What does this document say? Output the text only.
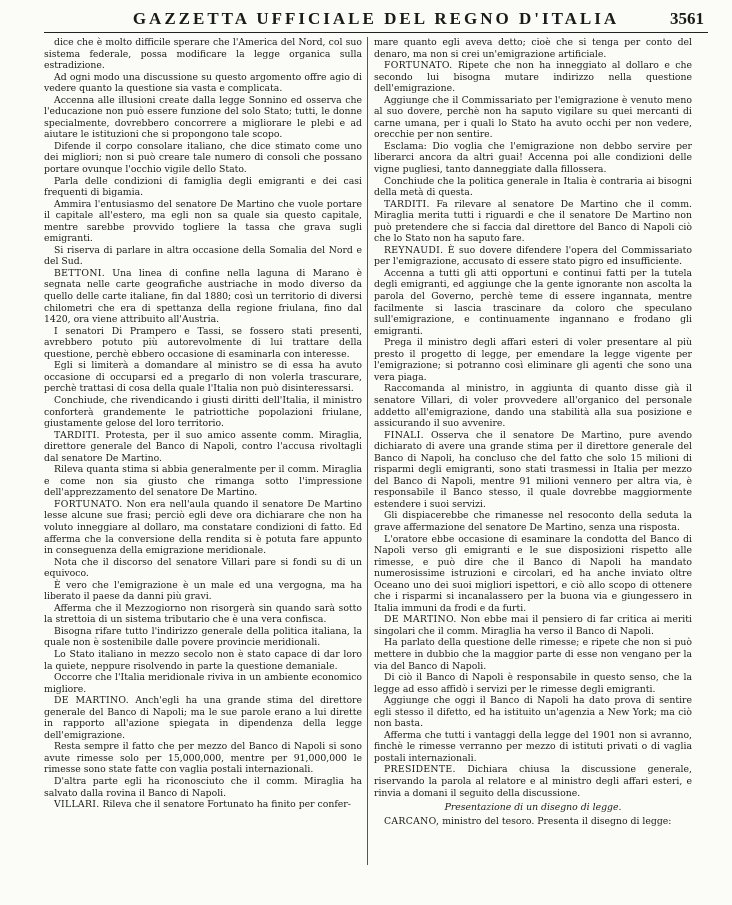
GAZZETTA UFFICIALE DEL REGNO D'ITALIA	3561

dice che è molto difficile sperare che l'America del Nord, col suo sistema federale, possa modificare la legge organica sulla estradizione.

Ad ogni modo una discussione su questo argomento offre agio di vedere quanto la questione sia vasta e complicata.

Accenna alle illusioni create dalla legge Sonnino ed osserva che l'educazione non può essere funzione del solo Stato; tutti, le donne specialmente, dovrebbero concorrere a migliorare le plebi e ad aiutare le istituzioni che si propongono tale scopo.

Difende il corpo consolare italiano, che dice stimato come uno dei migliori; non si può creare tale numero di consoli che possano portare ovunque l'occhio vigile dello Stato.

Parla delle condizioni di famiglia degli emigranti e dei casi frequenti di bigamia.

Ammira l'entusiasmo del senatore De Martino che vuole portare il capitale all'estero, ma egli non sa quale sia questo capitale, mentre sarebbe provvido togliere la tassa che grava sugli emigranti.

Si riserva di parlare in altra occasione della Somalia del Nord e del Sud.

BETTONI. Una linea di confine nella laguna di Marano è segnata nelle carte geografiche austriache in modo diverso da quello delle carte italiane, fin dal 1880; così un territorio di diversi chilometri che era di spettanza della regione friulana, fino dal 1420, ora viene attribuito all'Austria.

I senatori Di Prampero e Tassi, se fossero stati presenti, avrebbero potuto più autorevolmente di lui trattare della questione, perchè ebbero occasione di esaminarla con interesse.

Egli si limiterà a domandare al ministro se di essa ha avuto occasione di occuparsi ed a pregarlo di non volerla trascurare, perchè trattasi di cosa della quale l'Italia non può disinteressarsi.

Conchiude, che rivendicando i giusti diritti dell'Italia, il ministro conforterà grandemente le patriottiche popolazioni friulane, giustamente gelose del loro territorio.

TARDITI. Protesta, per il suo amico assente comm. Miraglia, direttore generale del Banco di Napoli, contro l'accusa rivoltagli dal senatore De Martino.

Rileva quanta stima si abbia generalmente per il comm. Miraglia e come non sia giusto che rimanga sotto l'impressione dell'apprezzamento del senatore De Martino.

FORTUNATO. Non era nell'aula quando il senatore De Martino lesse alcune sue frasi; perciò egli deve ora dichiarare che non ha voluto inneggiare al dollaro, ma constatare condizioni di fatto. Ed afferma che la conversione della rendita si è potuta fare appunto in conseguenza della emigrazione meridionale.

Nota che il discorso del senatore Villari pare si fondi su di un equivoco.

È vero che l'emigrazione è un male ed una vergogna, ma ha liberato il paese da danni più gravi.

Afferma che il Mezzogiorno non risorgerà sin quando sarà sotto la strettoia di un sistema tributario che è una vera confisca.

Bisogna rifare tutto l'indirizzo generale della politica italiana, la quale non è sostenibile dalle povere provincie meridionali.

Lo Stato italiano in mezzo secolo non è stato capace di dar loro la quiete, neppure risolvendo in parte la questione demaniale.

Occorre che l'Italia meridionale riviva in un ambiente economico migliore.

DE MARTINO. Anch'egli ha una grande stima del direttore generale del Banco di Napoli; ma le sue parole erano a lui dirette in rapporto all'azione spiegata in dipendenza della legge dell'emigrazione.

Resta sempre il fatto che per mezzo del Banco di Napoli si sono avute rimesse solo per 15,000,000, mentre per 91,000,000 le rimesse sono state fatte con vaglia postali internazionali.

D'altra parte egli ha riconosciuto che il comm. Miraglia ha salvato dalla rovina il Banco di Napoli.

VILLARI. Rileva che il senatore Fortunato ha finito per confer-

mare quanto egli aveva detto; cioè che si tenga per conto del denaro, ma non si crei un'emigrazione artificiale.

FORTUNATO. Ripete che non ha inneggiato al dollaro e che secondo lui bisogna mutare indirizzo nella questione dell'emigrazione.

Aggiunge che il Commissariato per l'emigrazione è venuto meno al suo dovere, perchè non ha saputo vigilare su quei mercanti di carne umana, per i quali lo Stato ha avuto occhi per non vedere, orecchie per non sentire.

Esclama: Dio voglia che l'emigrazione non debbo servire per liberarci ancora da altri guai! Accenna poi alle condizioni delle vigne pugliesi, tanto danneggiate dalla fillossera.

Conchiude che la politica generale in Italia è contraria ai bisogni della metà di questa.

TARDITI. Fa rilevare al senatore De Martino che il comm. Miraglia merita tutti i riguardi e che il senatore De Martino non può pretendere che si faccia dal direttore del Banco di Napoli ciò che lo Stato non ha saputo fare.

REYNAUDI. È suo dovere difendere l'opera del Commissariato per l'emigrazione, accusato di essere stato pigro ed insufficiente.

Accenna a tutti gli atti opportuni e continui fatti per la tutela degli emigranti, ed aggiunge che la gente ignorante non ascolta la parola del Governo, perchè teme di essere ingannata, mentre facilmente si lascia trascinare da coloro che speculano sull'emigrazione, e continuamente ingannano e frodano gli emigranti.

Prega il ministro degli affari esteri di voler presentare al più presto il progetto di legge, per emendare la legge vigente per l'emigrazione; si potranno così eliminare gli agenti che sono una vera piaga.

Raccomanda al ministro, in aggiunta di quanto disse già il senatore Villari, di voler provvedere all'organico del personale addetto all'emigrazione, dando una stabilità alla sua posizione e assicurando il suo avvenire.

FINALI. Osserva che il senatore De Martino, pure avendo dichiarato di avere una grande stima per il direttore generale del Banco di Napoli, ha concluso che del fatto che solo 15 milioni di risparmi degli emigranti, sono stati trasmessi in Italia per mezzo del Banco di Napoli, mentre 91 milioni vennero per altra via, è responsabile il Banco stesso, il quale dovrebbe maggiormente estendere i suoi servizi.

Gli dispiacerebbe che rimanesse nel resoconto della seduta la grave affermazione del senatore De Martino, senza una risposta.

L'oratore ebbe occasione di esaminare la condotta del Banco di Napoli verso gli emigranti e le sue disposizioni rispetto alle rimesse, e può dire che il Banco di Napoli ha mandato numerosissime istruzioni e circolari, ed ha anche inviato oltre Oceano uno dei suoi migliori ispettori, e ciò allo scopo di ottenere che i risparmi si incanalassero per la buona via e giungessero in Italia immuni da frodi e da furti.

DE MARTINO. Non ebbe mai il pensiero di far critica ai meriti singolari che il comm. Miraglia ha verso il Banco di Napoli.

Ha parlato della questione delle rimesse; e ripete che non si può mettere in dubbio che la maggior parte di esse non vengano per la via del Banco di Napoli.

Di ciò il Banco di Napoli è responsabile in questo senso, che la legge ad esso affidò i servizi per le rimesse degli emigranti.

Aggiunge che oggi il Banco di Napoli ha dato prova di sentire egli stesso il difetto, ed ha istituito un'agenzia a New York; ma ciò non basta.

Afferma che tutti i vantaggi della legge del 1901 non si avranno, finchè le rimesse verranno per mezzo di istituti privati o di vaglia postali internazionali.

PRESIDENTE. Dichiara chiusa la discussione generale, riservando la parola al relatore e al ministro degli affari esteri, e rinvia a domani il seguito della discussione.

Presentazione di un disegno di legge.

CARCANO, ministro del tesoro. Presenta il disegno di legge:
